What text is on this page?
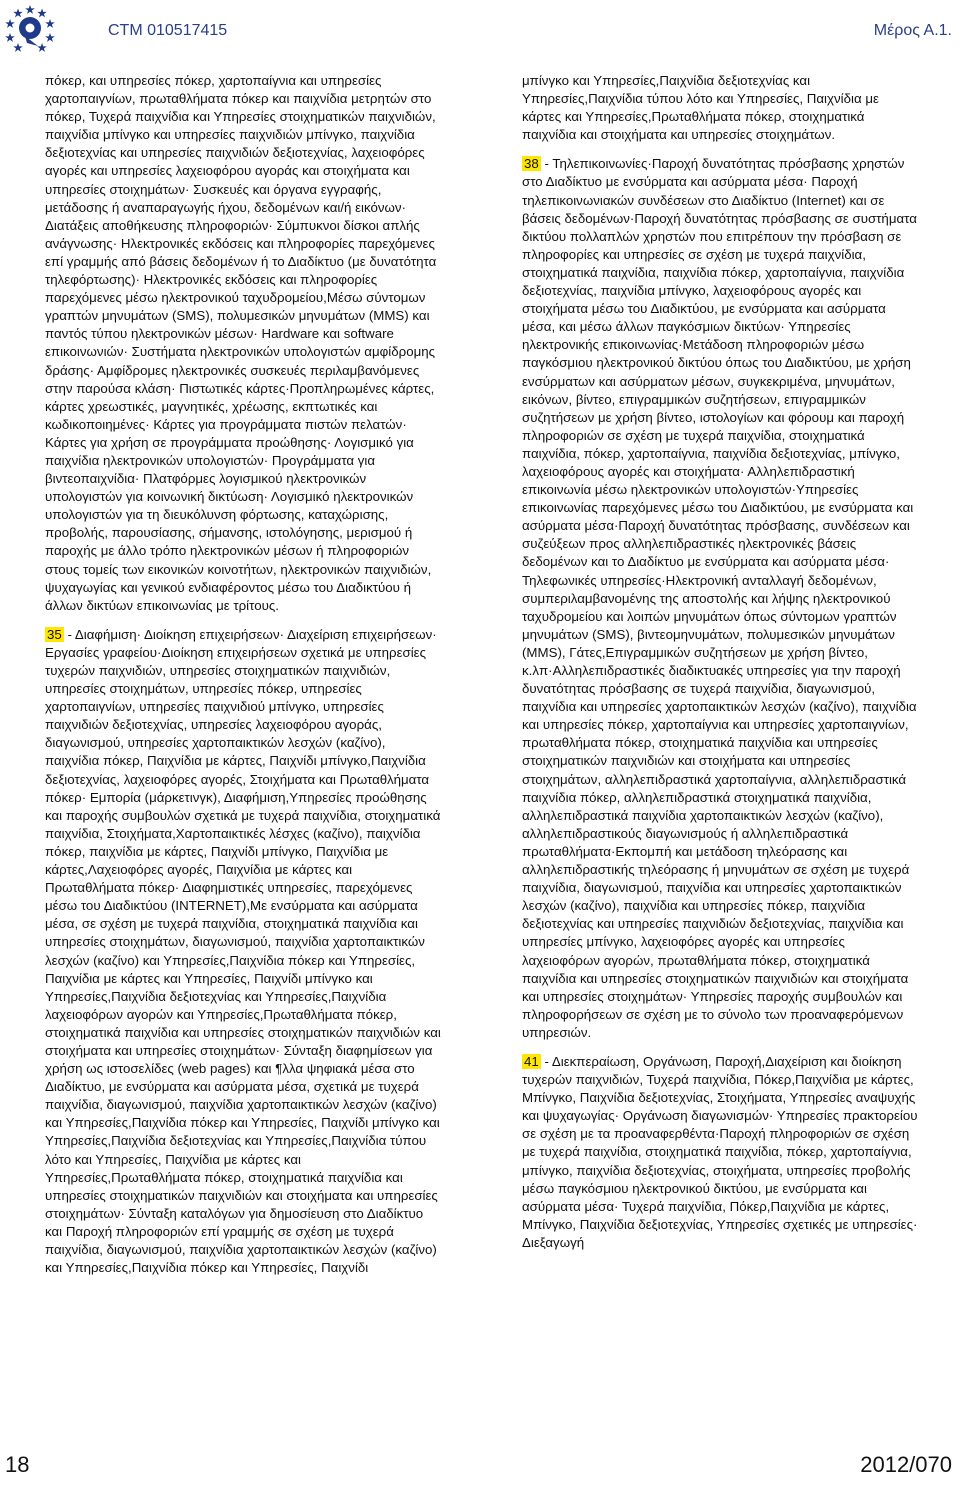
CTM 010517415	Μέρος Α.1.

πόκερ, και υπηρεσίες πόκερ, χαρτοπαίγνια και υπηρεσίες χαρτοπαιγνίων, πρωταθλήματα πόκερ και παιχνίδια μετρητών στο πόκερ, Τυχερά παιχνίδια και Υπηρεσίες στοιχηματικών παιχνιδιών, παιχνίδια μπίνγκο και υπηρεσίες παιχνιδιών μπίνγκο, παιχνίδια δεξιοτεχνίας και υπηρεσίες παιχνιδιών δεξιοτεχνίας, λαχειοφόρες αγορές και υπηρεσίες λαχειοφόρου αγοράς και στοιχήματα και υπηρεσίες στοιχημάτων· Συσκευές και όργανα εγγραφής, μετάδοσης ή αναπαραγωγής ήχου, δεδομένων και/ή εικόνων· Διατάξεις αποθήκευσης πληροφοριών· Σύμπυκνοι δίσκοι απλής ανάγνωσης· Ηλεκτρονικές εκδόσεις και πληροφορίες παρεχόμενες επί γραμμής από βάσεις δεδομένων ή το Διαδίκτυο (με δυνατότητα τηλεφόρτωσης)· Ηλεκτρονικές εκδόσεις και πληροφορίες παρεχόμενες μέσω ηλεκτρονικού ταχυδρομείου,Μέσω σύντομων γραπτών μηνυμάτων (SMS), πολυμεσικών μηνυμάτων (MMS) και παντός τύπου ηλεκτρονικών μέσων· Hardware και software επικοινωνιών· Συστήματα ηλεκτρονικών υπολογιστών αμφίδρομης δράσης· Αμφίδρομες ηλεκτρονικές συσκευές περιλαμβανόμενες στην παρούσα κλάση· Πιστωτικές κάρτες·Προπληρωμένες κάρτες, κάρτες χρεωστικές, μαγνητικές, χρέωσης, εκπτωτικές και κωδικοποιημένες· Κάρτες για προγράμματα πιστών πελατών· Κάρτες για χρήση σε προγράμματα προώθησης· Λογισμικό για παιχνίδια ηλεκτρονικών υπολογιστών· Προγράμματα για βιντεοπαιχνίδια· Πλατφόρμες λογισμικού ηλεκτρονικών υπολογιστών για κοινωνική δικτύωση· Λογισμικό ηλεκτρονικών υπολογιστών για τη διευκόλυνση φόρτωσης, καταχώρισης, προβολής, παρουσίασης, σήμανσης, ιστολόγησης, μερισμού ή παροχής με άλλο τρόπο ηλεκτρονικών μέσων ή πληροφοριών στους τομείς των εικονικών κοινοτήτων, ηλεκτρονικών παιχνιδιών, ψυχαγωγίας και γενικού ενδιαφέροντος μέσω του Διαδικτύου ή άλλων δικτύων επικοινωνίας με τρίτους.

35 - Διαφήμιση· Διοίκηση επιχειρήσεων· Διαχείριση επιχειρήσεων· Εργασίες γραφείου·Διοίκηση επιχειρήσεων σχετικά με υπηρεσίες τυχερών παιχνιδιών, υπηρεσίες στοιχηματικών παιχνιδιών, υπηρεσίες στοιχημάτων, υπηρεσίες πόκερ, υπηρεσίες χαρτοπαιγνίων, υπηρεσίες παιχνιδιού μπίνγκο, υπηρεσίες παιχνιδιών δεξιοτεχνίας, υπηρεσίες λαχειοφόρου αγοράς, διαγωνισμού, υπηρεσίες χαρτοπαικτικών λεσχών (καζίνο), παιχνίδια πόκερ, Παιχνίδια με κάρτες, Παιχνίδι μπίνγκο,Παιχνίδια δεξιοτεχνίας, λαχειοφόρες αγορές, Στοιχήματα και Πρωταθλήματα πόκερ· Εμπορία (μάρκετινγκ), Διαφήμιση,Υπηρεσίες προώθησης και παροχής συμβουλών σχετικά με τυχερά παιχνίδια, στοιχηματικά παιχνίδια, Στοιχήματα,Χαρτοπαικτικές λέσχες (καζίνο), παιχνίδια πόκερ, παιχνίδια με κάρτες, Παιχνίδι μπίνγκο, Παιχνίδια με κάρτες,Λαχειοφόρες αγορές, Παιχνίδια με κάρτες και Πρωταθλήματα πόκερ· Διαφημιστικές υπηρεσίες, παρεχόμενες μέσω του Διαδικτύου (INTERNET),Με ενσύρματα και ασύρματα μέσα, σε σχέση με τυχερά παιχνίδια, στοιχηματικά παιχνίδια και υπηρεσίες στοιχημάτων, διαγωνισμού, παιχνίδια χαρτοπαικτικών λεσχών (καζίνο) και Υπηρεσίες,Παιχνίδια πόκερ και Υπηρεσίες, Παιχνίδια με κάρτες και Υπηρεσίες, Παιχνίδι μπίνγκο και Υπηρεσίες,Παιχνίδια δεξιοτεχνίας και Υπηρεσίες,Παιχνίδια λαχειοφόρων αγορών και Υπηρεσίες,Πρωταθλήματα πόκερ, στοιχηματικά παιχνίδια και υπηρεσίες στοιχηματικών παιχνιδιών και στοιχήματα και υπηρεσίες στοιχημάτων· Σύνταξη διαφημίσεων για χρήση ως ιστοσελίδες (web pages) και ¶λλα ψηφιακά μέσα στο Διαδίκτυο, με ενσύρματα και ασύρματα μέσα, σχετικά με τυχερά παιχνίδια, διαγωνισμού, παιχνίδια χαρτοπαικτικών λεσχών (καζίνο) και Υπηρεσίες,Παιχνίδια πόκερ και Υπηρεσίες, Παιχνίδι μπίνγκο και Υπηρεσίες,Παιχνίδια δεξιοτεχνίας και Υπηρεσίες,Παιχνίδια τύπου λότο και Υπηρεσίες, Παιχνίδια με κάρτες και Υπηρεσίες,Πρωταθλήματα πόκερ, στοιχηματικά παιχνίδια και υπηρεσίες στοιχηματικών παιχνιδιών και στοιχήματα και υπηρεσίες στοιχημάτων· Σύνταξη καταλόγων για δημοσίευση στο Διαδίκτυο και Παροχή πληροφοριών επί γραμμής σε σχέση με τυχερά παιχνίδια, διαγωνισμού, παιχνίδια χαρτοπαικτικών λεσχών (καζίνο) και Υπηρεσίες,Παιχνίδια πόκερ και Υπηρεσίες, Παιχνίδι

μπίνγκο και Υπηρεσίες,Παιχνίδια δεξιοτεχνίας και Υπηρεσίες,Παιχνίδια τύπου λότο και Υπηρεσίες, Παιχνίδια με κάρτες και Υπηρεσίες,Πρωταθλήματα πόκερ, στοιχηματικά παιχνίδια και στοιχήματα και υπηρεσίες στοιχημάτων.

38 - Τηλεπικοινωνίες·Παροχή δυνατότητας πρόσβασης χρηστών στο Διαδίκτυο με ενσύρματα και ασύρματα μέσα· Παροχή τηλεπικοινωνιακών συνδέσεων στο Διαδίκτυο (Internet) και σε βάσεις δεδομένων·Παροχή δυνατότητας πρόσβασης σε συστήματα δικτύου πολλαπλών χρηστών που επιτρέπουν την πρόσβαση σε πληροφορίες και υπηρεσίες σε σχέση με τυχερά παιχνίδια, στοιχηματικά παιχνίδια, παιχνίδια πόκερ, χαρτοπαίγνια, παιχνίδια δεξιοτεχνίας, παιχνίδια μπίνγκο, λαχειοφόρους αγορές και στοιχήματα μέσω του Διαδικτύου, με ενσύρματα και ασύρματα μέσα, και μέσω άλλων παγκόσμιων δικτύων· Υπηρεσίες ηλεκτρονικής επικοινωνίας·Μετάδοση πληροφοριών μέσω παγκόσμιου ηλεκτρονικού δικτύου όπως του Διαδικτύου, με χρήση ενσύρματων και ασύρματων μέσων, συγκεκριμένα, μηνυμάτων, εικόνων, βίντεο, επιγραμμικών συζητήσεων, επιγραμμικών συζητήσεων με χρήση βίντεο, ιστολογίων και φόρουμ και παροχή πληροφοριών σε σχέση με τυχερά παιχνίδια, στοιχηματικά παιχνίδια, πόκερ, χαρτοπαίγνια, παιχνίδια δεξιοτεχνίας, μπίνγκο, λαχειοφόρους αγορές και στοιχήματα· Αλληλεπιδραστική επικοινωνία μέσω ηλεκτρονικών υπολογιστών·Υπηρεσίες επικοινωνίας παρεχόμενες μέσω του Διαδικτύου, με ενσύρματα και ασύρματα μέσα·Παροχή δυνατότητας πρόσβασης, συνδέσεων και συζεύξεων προς αλληλεπιδραστικές ηλεκτρονικές βάσεις δεδομένων και το Διαδίκτυο με ενσύρματα και ασύρματα μέσα· Τηλεφωνικές υπηρεσίες·Ηλεκτρονική ανταλλαγή δεδομένων, συμπεριλαμβανομένης της αποστολής και λήψης ηλεκτρονικού ταχυδρομείου και λοιπών μηνυμάτων όπως σύντομων γραπτών μηνυμάτων (SMS), βιντεομηνυμάτων, πολυμεσικών μηνυμάτων (MMS), Γάτες,Επιγραμμικών συζητήσεων με χρήση βίντεο, κ.λπ·Αλληλεπιδραστικές διαδικτυακές υπηρεσίες για την παροχή δυνατότητας πρόσβασης σε τυχερά παιχνίδια, διαγωνισμού, παιχνίδια και υπηρεσίες χαρτοπαικτικών λεσχών (καζίνο), παιχνίδια και υπηρεσίες πόκερ, χαρτοπαίγνια και υπηρεσίες χαρτοπαιγνίων, πρωταθλήματα πόκερ, στοιχηματικά παιχνίδια και υπηρεσίες στοιχηματικών παιχνιδιών και στοιχήματα και υπηρεσίες στοιχημάτων, αλληλεπιδραστικά χαρτοπαίγνια, αλληλεπιδραστικά παιχνίδια πόκερ, αλληλεπιδραστικά στοιχηματικά παιχνίδια, αλληλεπιδραστικά παιχνίδια χαρτοπαικτικών λεσχών (καζίνο), αλληλεπιδραστικούς διαγωνισμούς ή αλληλεπιδραστικά πρωταθλήματα·Εκπομπή και μετάδοση τηλεόρασης και αλληλεπιδραστικής τηλεόρασης ή μηνυμάτων σε σχέση με τυχερά παιχνίδια, διαγωνισμού, παιχνίδια και υπηρεσίες χαρτοπαικτικών λεσχών (καζίνο), παιχνίδια και υπηρεσίες πόκερ, παιχνίδια δεξιοτεχνίας και υπηρεσίες παιχνιδιών δεξιοτεχνίας, παιχνίδια και υπηρεσίες μπίνγκο, λαχειοφόρες αγορές και υπηρεσίες λαχειοφόρων αγορών, πρωταθλήματα πόκερ, στοιχηματικά παιχνίδια και υπηρεσίες στοιχηματικών παιχνιδιών και στοιχήματα και υπηρεσίες στοιχημάτων· Υπηρεσίες παροχής συμβουλών και πληροφορήσεων σε σχέση με το σύνολο των προαναφερόμενων υπηρεσιών.

41 - Διεκπεραίωση, Οργάνωση, Παροχή,Διαχείριση και διοίκηση τυχερών παιχνιδιών, Τυχερά παιχνίδια, Πόκερ,Παιχνίδια με κάρτες, Μπίνγκο, Παιχνίδια δεξιοτεχνίας, Στοιχήματα, Υπηρεσίες αναψυχής και ψυχαγωγίας· Οργάνωση διαγωνισμών· Υπηρεσίες πρακτορείου σε σχέση με τα προαναφερθέντα·Παροχή πληροφοριών σε σχέση με τυχερά παιχνίδια, στοιχηματικά παιχνίδια, πόκερ, χαρτοπαίγνια, μπίνγκο, παιχνίδια δεξιοτεχνίας, στοιχήματα, υπηρεσίες προβολής μέσω παγκόσμιου ηλεκτρονικού δικτύου, με ενσύρματα και ασύρματα μέσα· Τυχερά παιχνίδια, Πόκερ,Παιχνίδια με κάρτες, Μπίνγκο, Παιχνίδια δεξιοτεχνίας, Υπηρεσίες σχετικές με υπηρεσίες· Διεξαγωγή

18	2012/070
